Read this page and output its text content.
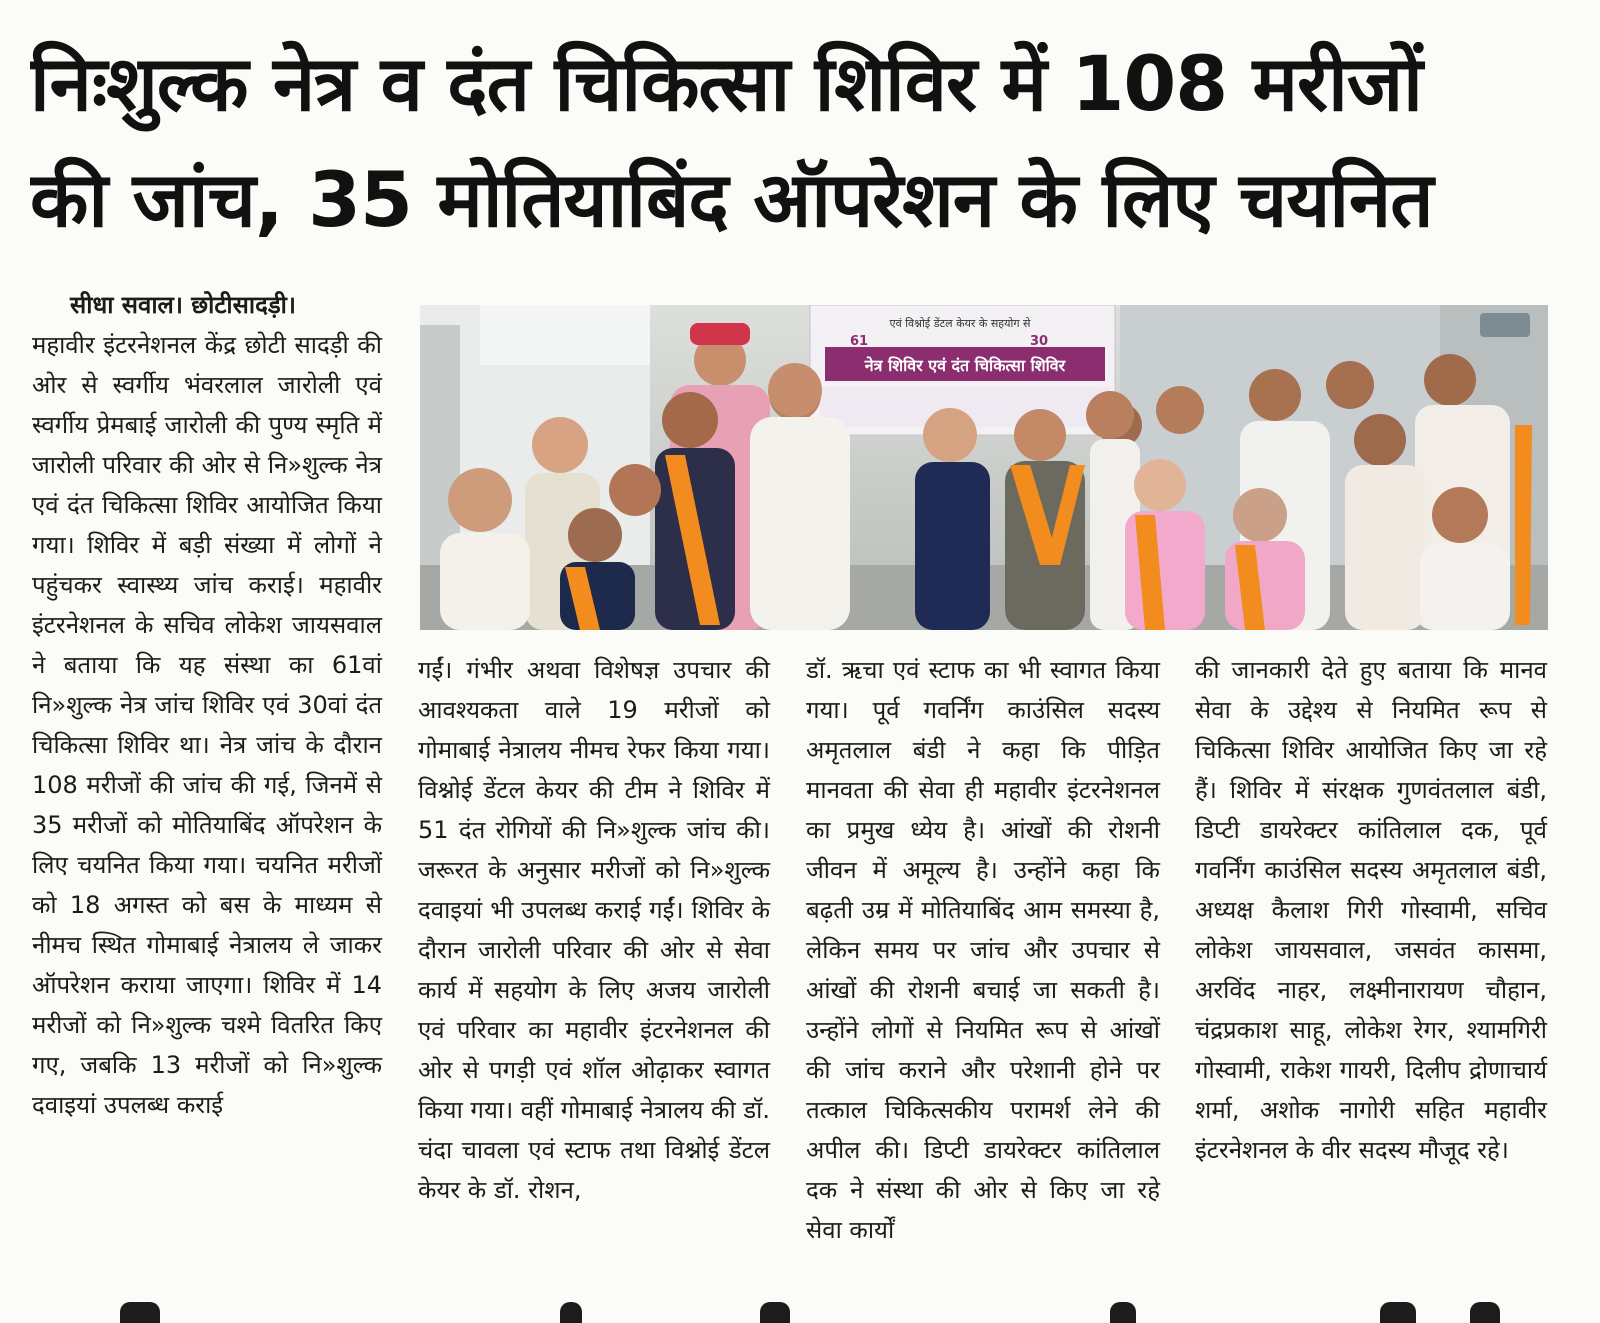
निःशुल्क नेत्र व दंत चिकित्सा शिविर में 108 मरीजों
की जांच, 35 मोतियाबिंद ऑपरेशन के लिए चयनित
सीधा सवाल। छोटीसादड़ी।

महावीर इंटरनेशनल केंद्र छोटी सादड़ी की ओर से स्वर्गीय भंवरलाल जारोली एवं स्वर्गीय प्रेमबाई जारोली की पुण्य स्मृति में जारोली परिवार की ओर से नि»शुल्क नेत्र एवं दंत चिकित्सा शिविर आयोजित किया गया। शिविर में बड़ी संख्या में लोगों ने पहुंचकर स्वास्थ्य जांच कराई। महावीर इंटरनेशनल के सचिव लोकेश जायसवाल ने बताया कि यह संस्था का 61वां नि»शुल्क नेत्र जांच शिविर एवं 30वां दंत चिकित्सा शिविर था। नेत्र जांच के दौरान 108 मरीजों की जांच की गई, जिनमें से 35 मरीजों को मोतियाबिंद ऑपरेशन के लिए चयनित किया गया। चयनित मरीजों को 18 अगस्त को बस के माध्यम से नीमच स्थित गोमाबाई नेत्रालय ले जाकर ऑपरेशन कराया जाएगा। शिविर में 14 मरीजों को नि»शुल्क चश्मे वितरित किए गए, जबकि 13 मरीजों को नि»शुल्क दवाइयां उपलब्ध कराई

एवं विश्नोई डेंटल केयर के सहयोग से
61	30
नेत्र शिविर एवं दंत चिकित्सा शिविर

गईं। गंभीर अथवा विशेषज्ञ उपचार की आवश्यकता वाले 19 मरीजों को गोमाबाई नेत्रालय नीमच रेफर किया गया। विश्नोई डेंटल केयर की टीम ने शिविर में 51 दंत रोगियों की नि»शुल्क जांच की। जरूरत के अनुसार मरीजों को नि»शुल्क दवाइयां भी उपलब्ध कराई गईं। शिविर के दौरान जारोली परिवार की ओर से सेवा कार्य में सहयोग के लिए अजय जारोली एवं परिवार का महावीर इंटरनेशनल की ओर से पगड़ी एवं शॉल ओढ़ाकर स्वागत किया गया। वहीं गोमाबाई नेत्रालय की डॉ. चंदा चावला एवं स्टाफ तथा विश्नोई डेंटल केयर के डॉ. रोशन,

डॉ. ऋचा एवं स्टाफ का भी स्वागत किया गया। पूर्व गवर्निंग काउंसिल सदस्य अमृतलाल बंडी ने कहा कि पीड़ित मानवता की सेवा ही महावीर इंटरनेशनल का प्रमुख ध्येय है। आंखों की रोशनी जीवन में अमूल्य है। उन्होंने कहा कि बढ़ती उम्र में मोतियाबिंद आम समस्या है, लेकिन समय पर जांच और उपचार से आंखों की रोशनी बचाई जा सकती है। उन्होंने लोगों से नियमित रूप से आंखों की जांच कराने और परेशानी होने पर तत्काल चिकित्सकीय परामर्श लेने की अपील की। डिप्टी डायरेक्टर कांतिलाल दक ने संस्था की ओर से किए जा रहे सेवा कार्यों

की जानकारी देते हुए बताया कि मानव सेवा के उद्देश्य से नियमित रूप से चिकित्सा शिविर आयोजित किए जा रहे हैं। शिविर में संरक्षक गुणवंतलाल बंडी, डिप्टी डायरेक्टर कांतिलाल दक, पूर्व गवर्निंग काउंसिल सदस्य अमृतलाल बंडी, अध्यक्ष कैलाश गिरी गोस्वामी, सचिव लोकेश जायसवाल, जसवंत कासमा, अरविंद नाहर, लक्ष्मीनारायण चौहान, चंद्रप्रकाश साहू, लोकेश रेगर, श्यामगिरी गोस्वामी, राकेश गायरी, दिलीप द्रोणाचार्य शर्मा, अशोक नागोरी सहित महावीर इंटरनेशनल के वीर सदस्य मौजूद रहे।
